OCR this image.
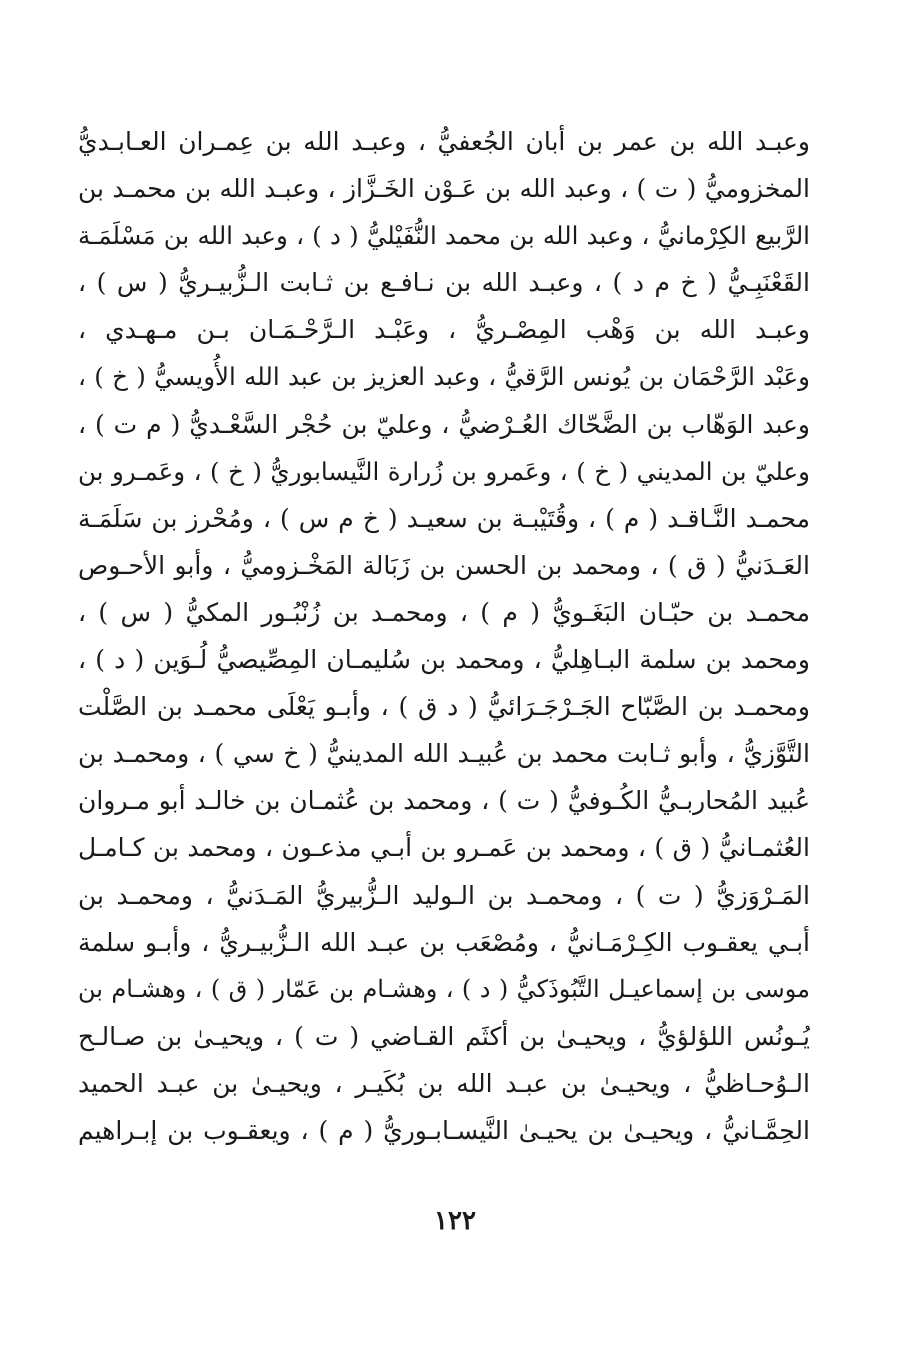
وعبـد الله بن عمر بن أبان الجُعفيُّ ، وعبـد الله بن عِمـران العـابـديُّ
المخزوميُّ ( ت ) ، وعبد الله بن عَـوْن الخَـزَّاز ، وعبـد الله بن محمـد بن
الرَّبيع الكِرْمانيُّ ، وعبد الله بن محمد النُّفَيْليُّ ( د ) ، وعبد الله بن مَسْلَمَـة
القَعْنَبِـيُّ ( خ م د ) ، وعبـد الله بن نـافـع بن ثـابت الـزُّبيـريُّ ( س ) ،
وعبـد الله بن وَهْب المِصْـريُّ ، وعَبْـد الـرَّحْـمَـان بـن مـهـدي ،
وعَبْد الرَّحْمَان بن يُونس الرَّقيُّ ، وعبد العزيز بن عبد الله الأُويسيُّ ( خ ) ،
وعبد الوَهّاب بن الضَّحّاك العُـرْضيُّ ، وعليّ بن حُجْر السَّعْـديُّ ( م ت ) ،
وعليّ بن المديني ( خ ) ، وعَمرو بن زُرارة النَّيسابوريُّ ( خ ) ، وعَمـرو بن
محمـد النَّـاقـد ( م ) ، وقُتَيْبـة بن سعيـد ( خ م س ) ، ومُحْرز بن سَلَمَـة
العَـدَنيُّ ( ق ) ، ومحمد بن الحسن بن زَبَالة المَخْـزوميُّ ، وأبو الأحـوص
محمـد بن حبّـان البَغَـويُّ ( م ) ، ومحمـد بن زُنْبُـور المكيُّ ( س ) ،
ومحمد بن سلمة البـاهِليُّ ، ومحمد بن سُليمـان المِصِّيصيُّ لُـوَين ( د ) ،
ومحمـد بن الصَّبّاح الجَـرْجَـرَائيُّ ( د ق ) ، وأبـو يَعْلَى محمـد بن الصَّلْت
التَّوَّزيُّ ، وأبو ثـابت محمد بن عُبيـد الله المدينيُّ ( خ سي ) ، ومحمـد بن
عُبيد المُحاربـيُّ الكُـوفيُّ ( ت ) ، ومحمد بن عُثمـان بن خالـد أبو مـروان
العُثمـانيُّ ( ق ) ، ومحمد بن عَمـرو بن أبـي مذعـون ، ومحمد بن كـامـل
المَـرْوَزيُّ ( ت ) ، ومحمـد بن الـوليد الـزُّبيريُّ المَـدَنيُّ ، ومحمـد بن
أبـي يعقـوب الكِـرْمَـانيُّ ، ومُصْعَب بن عبـد الله الـزُّبيـريُّ ، وأبـو سلمة
موسى بن إسماعيـل التَّبُوذَكيُّ ( د ) ، وهشـام بن عَمّار ( ق ) ، وهشـام بن
يُـونُس اللؤلؤيُّ ، ويحيـىٰ بن أكثَم القـاضي ( ت ) ، ويحيـىٰ بن صـالـح
الـوُحـاظيُّ ، ويحيـىٰ بن عبـد الله بن بُكَيـر ، ويحيـىٰ بن عبـد الحميد
الحِمَّـانيُّ ، ويحيـىٰ بن يحيـىٰ النَّيسـابـوريُّ ( م ) ، ويعقـوب بن إبـراهيم
١٢٢
